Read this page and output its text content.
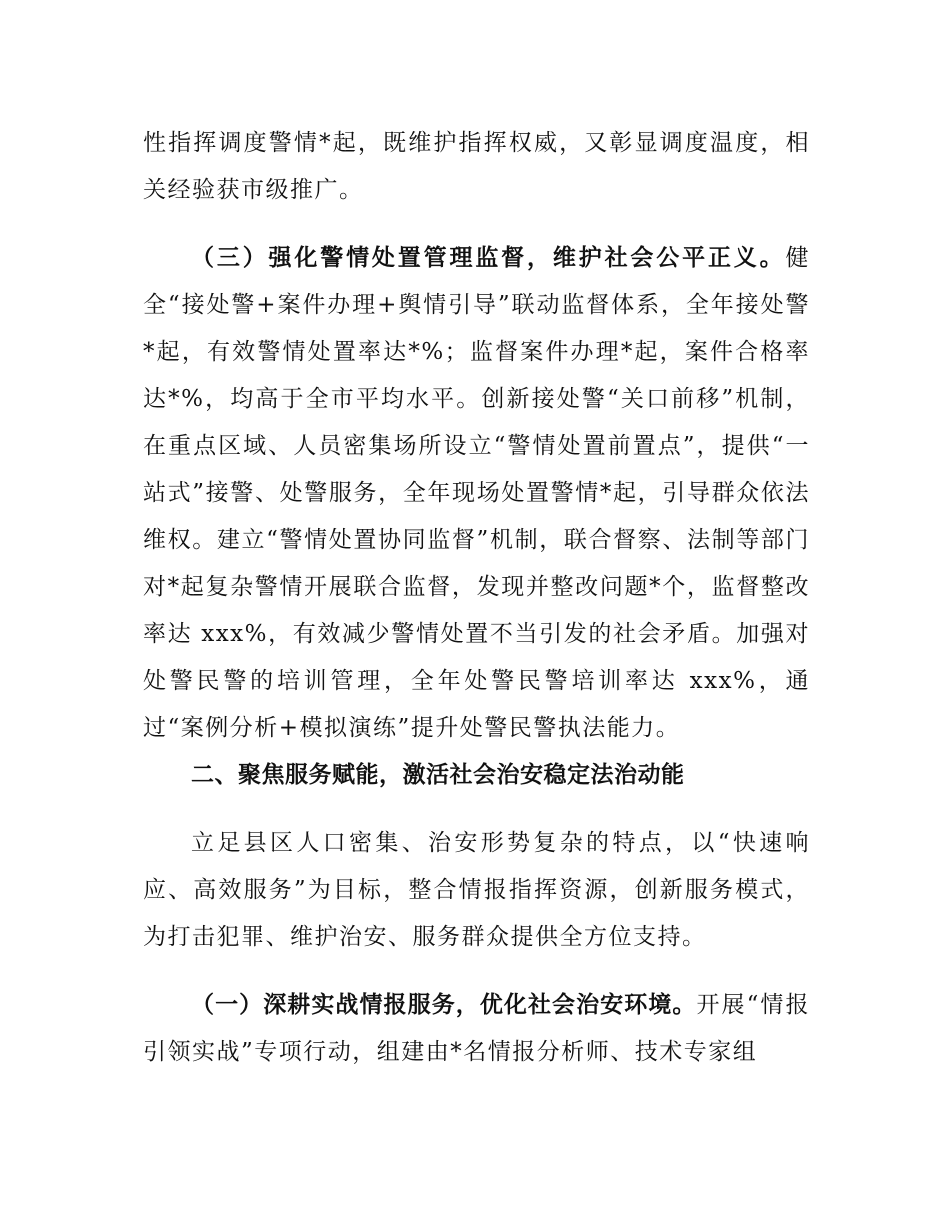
性指挥调度警情*起，既维护指挥权威，又彰显调度温度，相关经验获市级推广。

（三）强化警情处置管理监督，维护社会公平正义。健全“接处警+案件办理+舆情引导”联动监督体系，全年接处警*起，有效警情处置率达*%；监督案件办理*起，案件合格率达*%，均高于全市平均水平。创新接处警“关口前移”机制，在重点区域、人员密集场所设立“警情处置前置点”，提供“一站式”接警、处警服务，全年现场处置警情*起，引导群众依法维权。建立“警情处置协同监督”机制，联合督察、法制等部门对*起复杂警情开展联合监督，发现并整改问题*个，监督整改率达 xxx%，有效减少警情处置不当引发的社会矛盾。加强对处警民警的培训管理，全年处警民警培训率达 xxx%，通过“案例分析+模拟演练”提升处警民警执法能力。

二、聚焦服务赋能，激活社会治安稳定法治动能

立足县区人口密集、治安形势复杂的特点，以“快速响应、高效服务”为目标，整合情报指挥资源，创新服务模式，为打击犯罪、维护治安、服务群众提供全方位支持。

（一）深耕实战情报服务，优化社会治安环境。开展“情报引领实战”专项行动，组建由*名情报分析师、技术专家组
